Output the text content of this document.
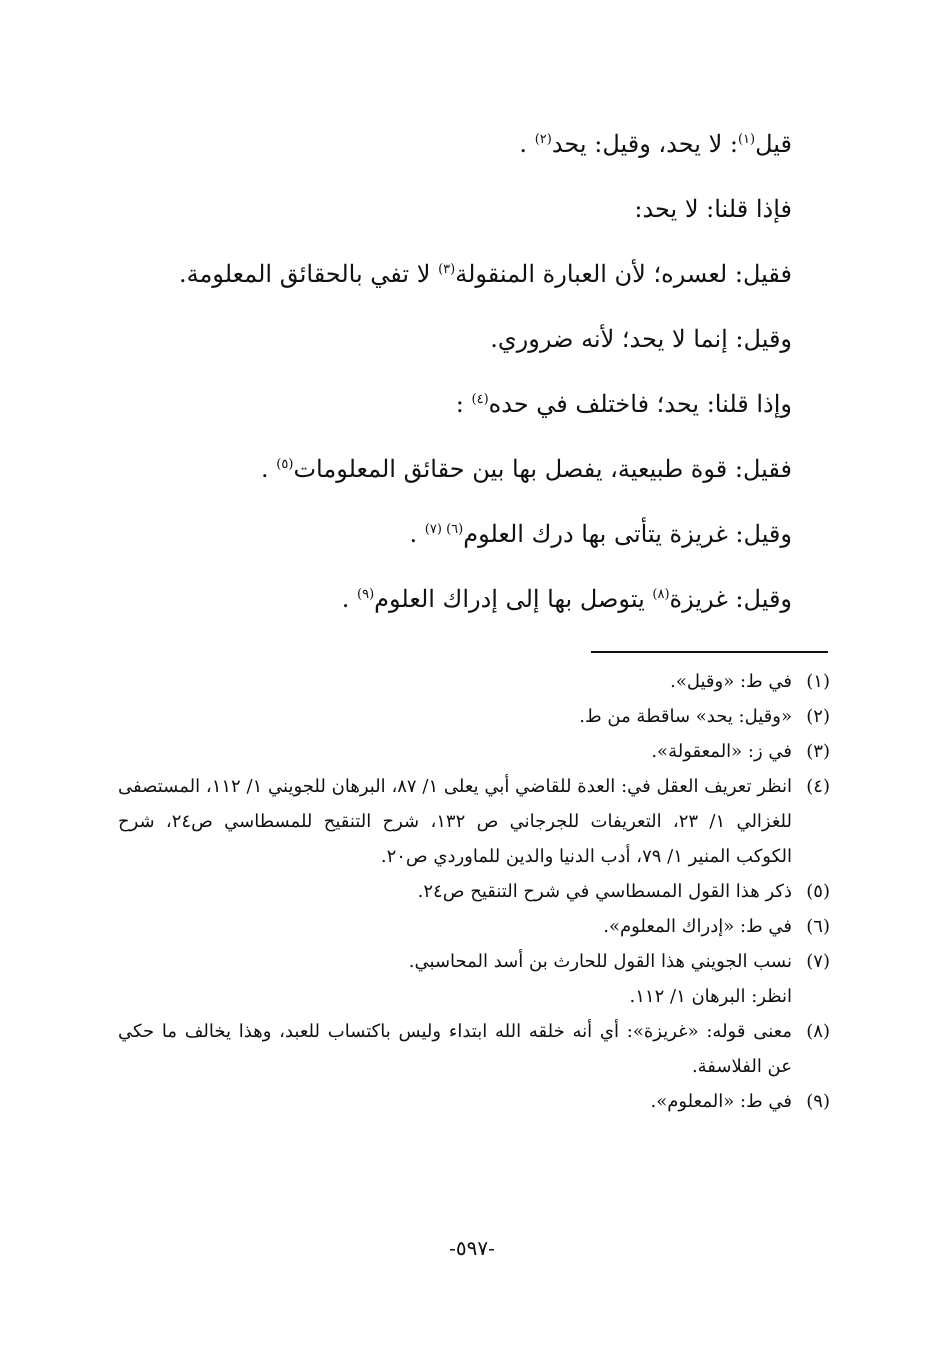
قيل$^{(١)}$: لا يحد، وقيل: يحد$^{(٢)}$ .
فإذا قلنا: لا يحد:
فقيل: لعسره؛ لأن العبارة المنقولة$^{(٣)}$ لا تفي بالحقائق المعلومة.
وقيل: إنما لا يحد؛ لأنه ضروري.
وإذا قلنا: يحد؛ فاختلف في حده$^{(٤)}$ :
فقيل: قوة طبيعية، يفصل بها بين حقائق المعلومات$^{(٥)}$ .
وقيل: غريزة يتأتى بها درك العلوم$^{(٦) (٧)}$ .
وقيل: غريزة$^{(٨)}$ يتوصل بها إلى إدراك العلوم$^{(٩)}$ .
(١)
في ط: «وقيل».
(٢)
«وقيل: يحد» ساقطة من ط.
(٣)
في ز: «المعقولة».
(٤)
انظر تعريف العقل في: العدة للقاضي أبي يعلى ١/ ٨٧، البرهان للجويني ١/ ١١٢، المستصفى للغزالي ١/ ٢٣، التعريفات للجرجاني ص ١٣٢، شرح التنقيح للمسطاسي ص٢٤، شرح الكوكب المنير ١/ ٧٩، أدب الدنيا والدين للماوردي ص٢٠.
(٥)
ذكر هذا القول المسطاسي في شرح التنقيح ص٢٤.
(٦)
في ط: «إدراك المعلوم».
(٧)
نسب الجويني هذا القول للحارث بن أسد المحاسبي.
انظر: البرهان ١/ ١١٢.
(٨)
معنى قوله: «غريزة»: أي أنه خلقه الله ابتداء وليس باكتساب للعبد، وهذا يخالف ما حكي عن الفلاسفة.
(٩)
في ط: «المعلوم».
-٥٩٧-
